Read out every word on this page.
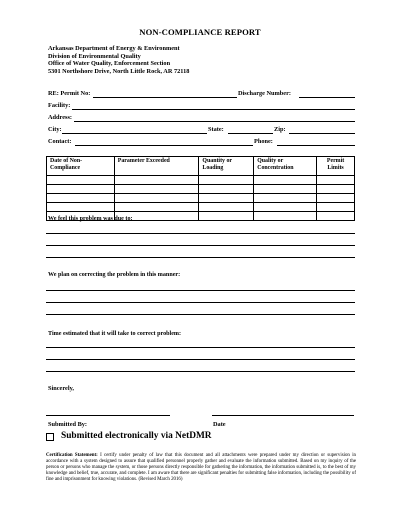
NON-COMPLIANCE REPORT
Arkansas Department of Energy & Environment
Division of Environmental Quality
Office of Water Quality, Enforcement Section
5301 Northshore Drive, North Little Rock, AR 72118
RE: Permit No:	Discharge Number:
Facility:
Address:
City:	State:	Zip:
Contact:	Phone:
Date of Non-Compliance	Parameter Exceeded	Quantity or Loading	Quality or Concentration	Permit Limits

We feel this problem was due to:
We plan on correcting the problem in this manner:
Time estimated that it will take to correct problem:
Sincerely,
Submitted By:	Date
Submitted electronically via NetDMR
Certification Statement: I certify under penalty of law that this document and all attachments were prepared under my direction or supervision in accordance with a system designed to assure that qualified personnel properly gather and evaluate the information submitted. Based on my inquiry of the person or persons who manage the system, or those persons directly responsible for gathering the information, the information submitted is, to the best of my knowledge and belief, true, accurate, and complete. I am aware that there are significant penalties for submitting false information, including the possibility of fine and imprisonment for knowing violations. (Revised March 2016)
